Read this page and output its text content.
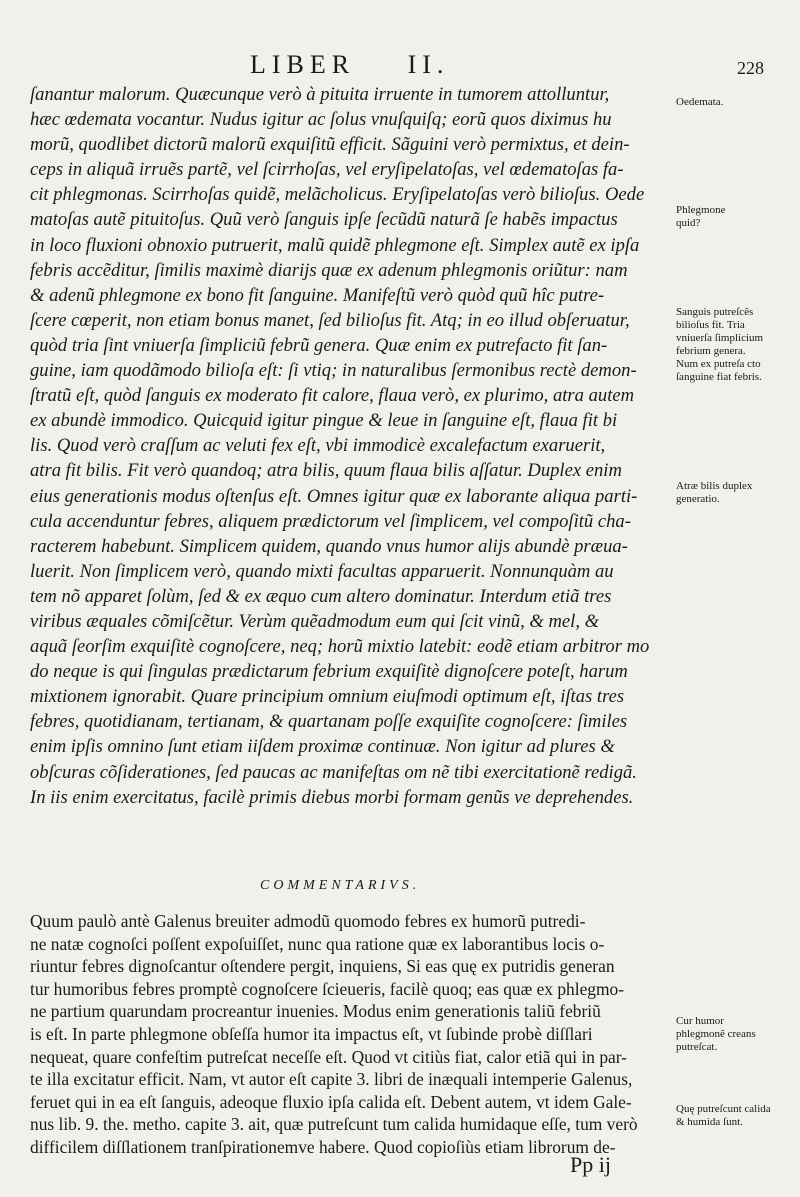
LIBER II.	228
ſanantur malorum. Quæcunque verò à pituita irruente in tumorem attolluntur,
hæc œdemata vocantur. Nudus igitur ac ſolus vnuſquiſq; eorũ quos diximus hu
morũ, quodlibet dictorũ malorũ exquiſitũ efficit. Sãguini verò permixtus, et dein-
ceps in aliquã irruẽs partẽ, vel ſcirrhoſas, vel eryſipelatoſas, vel œdematoſas fa-
cit phlegmonas. Scirrhoſas quidẽ, melãcholicus. Eryſipelatoſas verò bilioſus. Oede
matoſas autẽ pituitoſus. Quũ verò ſanguis ipſe ſecũdũ naturã ſe habẽs impactus
in loco fluxioni obnoxio putruerit, malũ quidẽ phlegmone eſt. Simplex autẽ ex ipſa
febris accẽditur, ſimilis maximè diarijs quæ ex adenum phlegmonis oriũtur: nam
& adenũ phlegmone ex bono fit ſanguine. Manifeſtũ verò quòd quũ hîc putre-
ſcere cœperit, non etiam bonus manet, ſed bilioſus fit. Atq; in eo illud obſeruatur,
quòd tria ſint vniuerſa ſimpliciũ febrũ genera. Quæ enim ex putrefacto fit ſan-
guine, iam quodãmodo bilioſa eſt: ſi vtiq; in naturalibus ſermonibus rectè demon-
ſtratũ eſt, quòd ſanguis ex moderato fit calore, flaua verò, ex plurimo, atra autem
ex abundè immodico. Quicquid igitur pingue & leue in ſanguine eſt, flaua fit bi
lis. Quod verò craſſum ac veluti fex eſt, vbi immodicè excalefactum exaruerit,
atra fit bilis. Fit verò quandoq; atra bilis, quum flaua bilis aſſatur. Duplex enim
eius generationis modus oſtenſus eſt. Omnes igitur quæ ex laborante aliqua parti-
cula accenduntur febres, aliquem prædictorum vel ſimplicem, vel compoſitũ cha-
racterem habebunt. Simplicem quidem, quando vnus humor alijs abundè præua-
luerit. Non ſimplicem verò, quando mixti facultas apparuerit. Nonnunquàm au
tem nõ apparet ſolùm, ſed & ex æquo cum altero dominatur. Interdum etiã tres
viribus æquales cõmiſcẽtur. Verùm quẽadmodum eum qui ſcit vinũ, & mel, &
aquã ſeorſim exquiſitè cognoſcere, neq; horũ mixtio latebit: eodẽ etiam arbitror mo
do neque is qui ſingulas prædictarum febrium exquiſitè dignoſcere poteſt, harum
mixtionem ignorabit. Quare principium omnium eiuſmodi optimum eſt, iſtas tres
febres, quotidianam, tertianam, & quartanam poſſe exquiſite cognoſcere: ſimiles
enim ipſis omnino ſunt etiam iiſdem proximæ continuæ. Non igitur ad plures &
obſcuras cõſiderationes, ſed paucas ac manifeſtas om nẽ tibi exercitationẽ redigã.
In iis enim exercitatus, facilè primis diebus morbi formam genũs ve deprehendes.
COMMENTARIVS.
Quum paulò antè Galenus breuiter admodũ quomodo febres ex humorũ putredi-
ne natæ cognoſci poſſent expoſuiſſet, nunc qua ratione quæ ex laborantibus locis o-
riuntur febres dignoſcantur oſtendere pergit, inquiens, Si eas quę ex putridis generan
tur humoribus febres promptè cognoſcere ſcieueris, facilè quoq; eas quæ ex phlegmo-
ne partium quarundam procreantur inuenies. Modus enim generationis taliũ febriũ
is eſt. In parte phlegmone obſeſſa humor ita impactus eſt, vt ſubinde probè diſſlari
nequeat, quare confeſtim putreſcat neceſſe eſt. Quod vt citiùs fiat, calor etiã qui in par-
te illa excitatur efficit. Nam, vt autor eſt capite 3. libri de inæquali intemperie Galenus,
feruet qui in ea eſt ſanguis, adeoque fluxio ipſa calida eſt. Debent autem, vt idem Gale-
nus lib. 9. the. metho. capite 3. ait, quæ putreſcunt tum calida humidaque eſſe, tum verò
difficilem diſſlationem tranſpirationemve habere. Quod copioſiùs etiam librorum de-
Oedemata.
Phlegmone quid?
Sanguis putreſcẽs bilioſus fit. Tria vniuerſa ſimplicium febrium genera. Num ex putreſa cto ſanguine fiat febris.
Atræ bilis duplex generatio.
Cur humor phlegmonẽ creans putreſcat.
Quę putreſcunt calida & humida ſunt.
Pp ij
